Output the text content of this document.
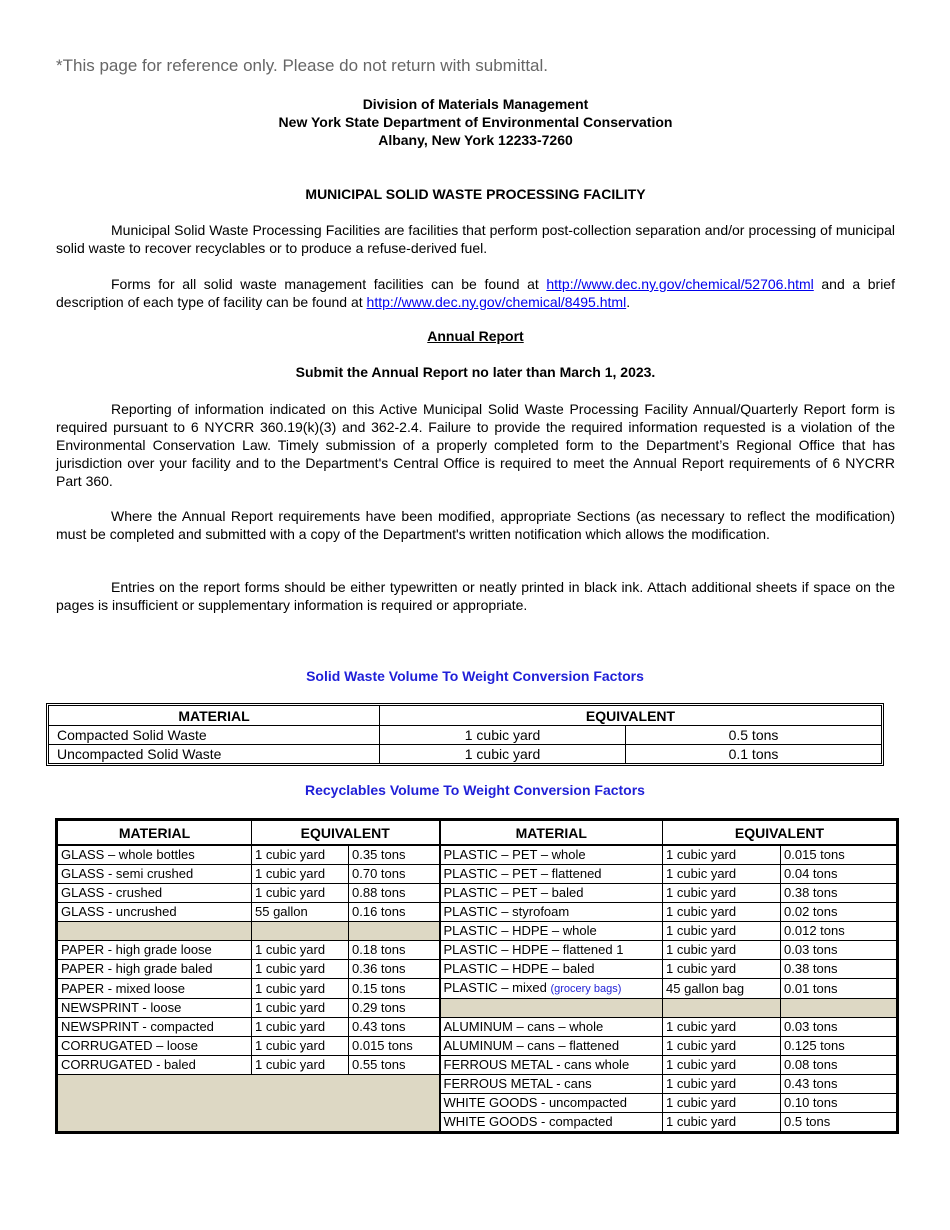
*This page for reference only. Please do not return with submittal.
Division of Materials Management
New York State Department of Environmental Conservation
Albany, New York 12233-7260
MUNICIPAL SOLID WASTE PROCESSING FACILITY
Municipal Solid Waste Processing Facilities are facilities that perform post-collection separation and/or processing of municipal solid waste to recover recyclables or to produce a refuse-derived fuel.
Forms for all solid waste management facilities can be found at http://www.dec.ny.gov/chemical/52706.html and a brief description of each type of facility can be found at http://www.dec.ny.gov/chemical/8495.html.
Annual Report
Submit the Annual Report no later than March 1, 2023.
Reporting of information indicated on this Active Municipal Solid Waste Processing Facility Annual/Quarterly Report form is required pursuant to 6 NYCRR 360.19(k)(3) and 362-2.4. Failure to provide the required information requested is a violation of the Environmental Conservation Law. Timely submission of a properly completed form to the Department’s Regional Office that has jurisdiction over your facility and to the Department's Central Office is required to meet the Annual Report requirements of 6 NYCRR Part 360.
Where the Annual Report requirements have been modified, appropriate Sections (as necessary to reflect the modification) must be completed and submitted with a copy of the Department's written notification which allows the modification.
Entries on the report forms should be either typewritten or neatly printed in black ink. Attach additional sheets if space on the pages is insufficient or supplementary information is required or appropriate.
Solid Waste Volume To Weight Conversion Factors
MATERIAL	EQUIVALENT	
Compacted Solid Waste	1 cubic yard	0.5 tons
Uncompacted Solid Waste	1 cubic yard	0.1 tons
Recyclables Volume To Weight Conversion Factors
MATERIAL	EQUIVALENT		MATERIAL	EQUIVALENT	
GLASS – whole bottles	1 cubic yard	0.35 tons	PLASTIC – PET – whole	1 cubic yard	0.015 tons
GLASS - semi crushed	1 cubic yard	0.70 tons	PLASTIC – PET – flattened	1 cubic yard	0.04 tons
GLASS - crushed	1 cubic yard	0.88 tons	PLASTIC – PET – baled	1 cubic yard	0.38 tons
GLASS - uncrushed	55 gallon	0.16 tons	PLASTIC – styrofoam	1 cubic yard	0.02 tons
			PLASTIC – HDPE – whole	1 cubic yard	0.012 tons
PAPER - high grade loose	1 cubic yard	0.18 tons	PLASTIC – HDPE – flattened 1	1 cubic yard	0.03 tons
PAPER - high grade baled	1 cubic yard	0.36 tons	PLASTIC – HDPE – baled	1 cubic yard	0.38 tons
PAPER - mixed loose	1 cubic yard	0.15 tons	PLASTIC – mixed (grocery bags)	45 gallon bag	0.01 tons
NEWSPRINT - loose	1 cubic yard	0.29 tons			
NEWSPRINT - compacted	1 cubic yard	0.43 tons	ALUMINUM – cans – whole	1 cubic yard	0.03 tons
CORRUGATED – loose	1 cubic yard	0.015 tons	ALUMINUM – cans – flattened	1 cubic yard	0.125 tons
CORRUGATED - baled	1 cubic yard	0.55 tons	FERROUS METAL - cans whole	1 cubic yard	0.08 tons
			FERROUS METAL - cans	1 cubic yard	0.43 tons
			WHITE GOODS - uncompacted	1 cubic yard	0.10 tons
			WHITE GOODS - compacted	1 cubic yard	0.5 tons
